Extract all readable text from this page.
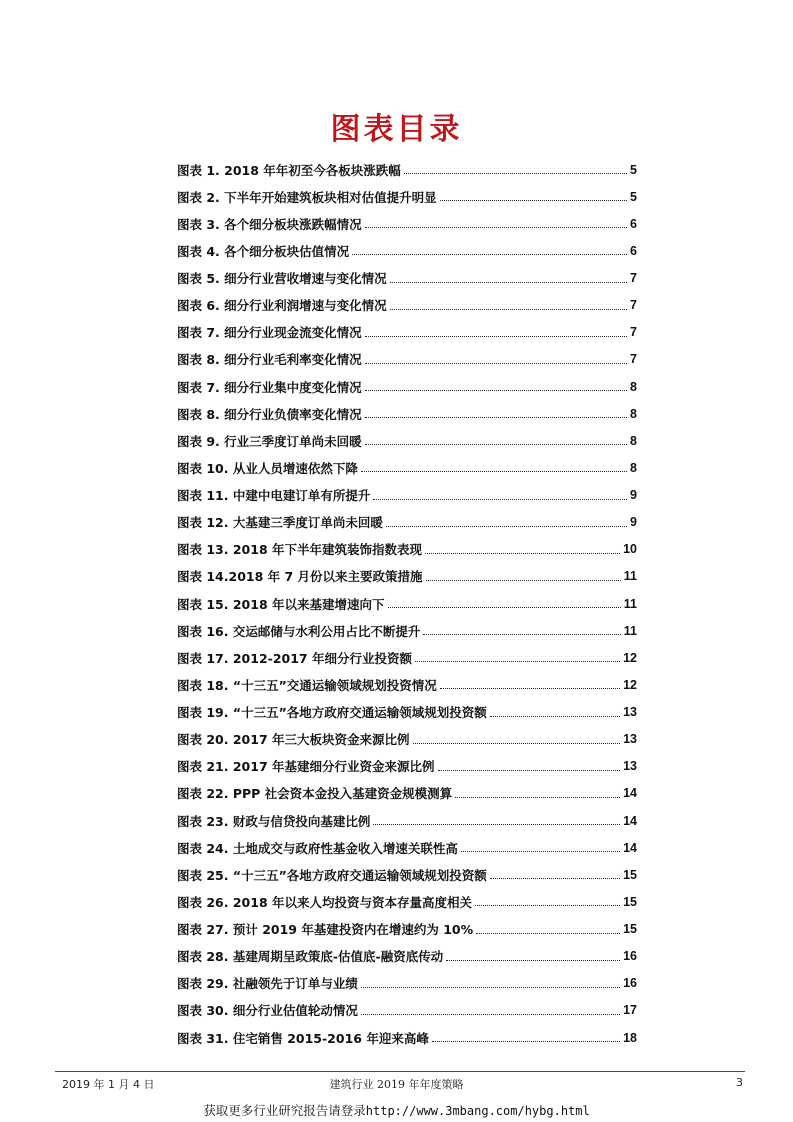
图表目录
图表 1. 2018 年年初至今各板块涨跌幅	5
图表 2. 下半年开始建筑板块相对估值提升明显	5
图表 3. 各个细分板块涨跌幅情况	6
图表 4. 各个细分板块估值情况	6
图表 5. 细分行业营收增速与变化情况	7
图表 6. 细分行业利润增速与变化情况	7
图表 7. 细分行业现金流变化情况	7
图表 8. 细分行业毛利率变化情况	7
图表 7. 细分行业集中度变化情况	8
图表 8. 细分行业负债率变化情况	8
图表 9. 行业三季度订单尚未回暖	8
图表 10. 从业人员增速依然下降	8
图表 11. 中建中电建订单有所提升	9
图表 12. 大基建三季度订单尚未回暖	9
图表 13. 2018 年下半年建筑装饰指数表现	10
图表 14.2018 年 7 月份以来主要政策措施	11
图表 15. 2018 年以来基建增速向下	11
图表 16. 交运邮储与水利公用占比不断提升	11
图表 17. 2012-2017 年细分行业投资额	12
图表 18. “十三五”交通运输领域规划投资情况	12
图表 19. “十三五”各地方政府交通运输领域规划投资额	13
图表 20. 2017 年三大板块资金来源比例	13
图表 21. 2017 年基建细分行业资金来源比例	13
图表 22. PPP 社会资本金投入基建资金规模测算	14
图表 23. 财政与信贷投向基建比例	14
图表 24. 土地成交与政府性基金收入增速关联性高	14
图表 25. “十三五”各地方政府交通运输领域规划投资额	15
图表 26. 2018 年以来人均投资与资本存量高度相关	15
图表 27. 预计 2019 年基建投资内在增速约为 10%	15
图表 28. 基建周期呈政策底-估值底-融资底传动	16
图表 29. 社融领先于订单与业绩	16
图表 30. 细分行业估值轮动情况	17
图表 31. 住宅销售 2015-2016 年迎来高峰	18
2019 年 1 月 4 日	建筑行业 2019 年年度策略	3
获取更多行业研究报告请登录http://www.3mbang.com/hybg.html
